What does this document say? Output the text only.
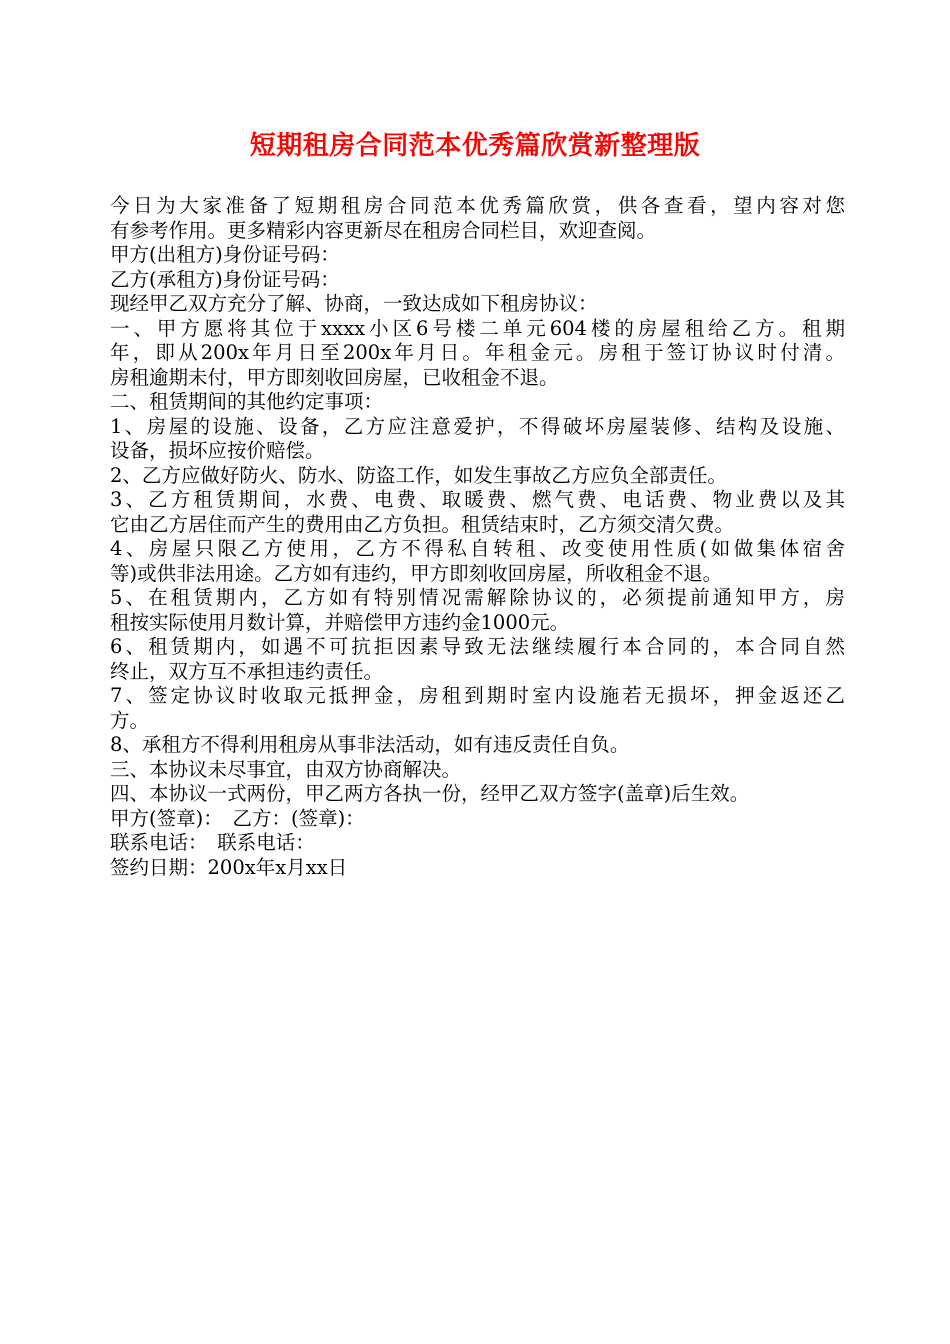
短期租房合同范本优秀篇欣赏新整理版
今日为大家准备了短期租房合同范本优秀篇欣赏，供各查看，望内容对您
有参考作用。更多精彩内容更新尽在租房合同栏目，欢迎查阅。
甲方(出租方)身份证号码：
乙方(承租方)身份证号码：
现经甲乙双方充分了解、协商，一致达成如下租房协议：
一、甲方愿将其位于xxxx小区6号楼二单元604楼的房屋租给乙方。租期
年，即从200x年月日至200x年月日。年租金元。房租于签订协议时付清。
房租逾期未付，甲方即刻收回房屋，已收租金不退。
二、租赁期间的其他约定事项：
1、房屋的设施、设备，乙方应注意爱护，不得破坏房屋装修、结构及设施、
设备，损坏应按价赔偿。
2、乙方应做好防火、防水、防盗工作，如发生事故乙方应负全部责任。
3、乙方租赁期间，水费、电费、取暖费、燃气费、电话费、物业费以及其
它由乙方居住而产生的费用由乙方负担。租赁结束时，乙方须交清欠费。
4、房屋只限乙方使用，乙方不得私自转租、改变使用性质(如做集体宿舍
等)或供非法用途。乙方如有违约，甲方即刻收回房屋，所收租金不退。
5、在租赁期内，乙方如有特别情况需解除协议的，必须提前通知甲方，房
租按实际使用月数计算，并赔偿甲方违约金1000元。
6、租赁期内，如遇不可抗拒因素导致无法继续履行本合同的，本合同自然
终止，双方互不承担违约责任。
7、签定协议时收取元抵押金，房租到期时室内设施若无损坏，押金返还乙
方。
8、承租方不得利用租房从事非法活动，如有违反责任自负。
三、本协议未尽事宜，由双方协商解决。
四、本协议一式两份，甲乙两方各执一份，经甲乙双方签字(盖章)后生效。
甲方(签章)：　乙方：(签章)：
联系电话：　联系电话：
签约日期：200x年x月xx日
